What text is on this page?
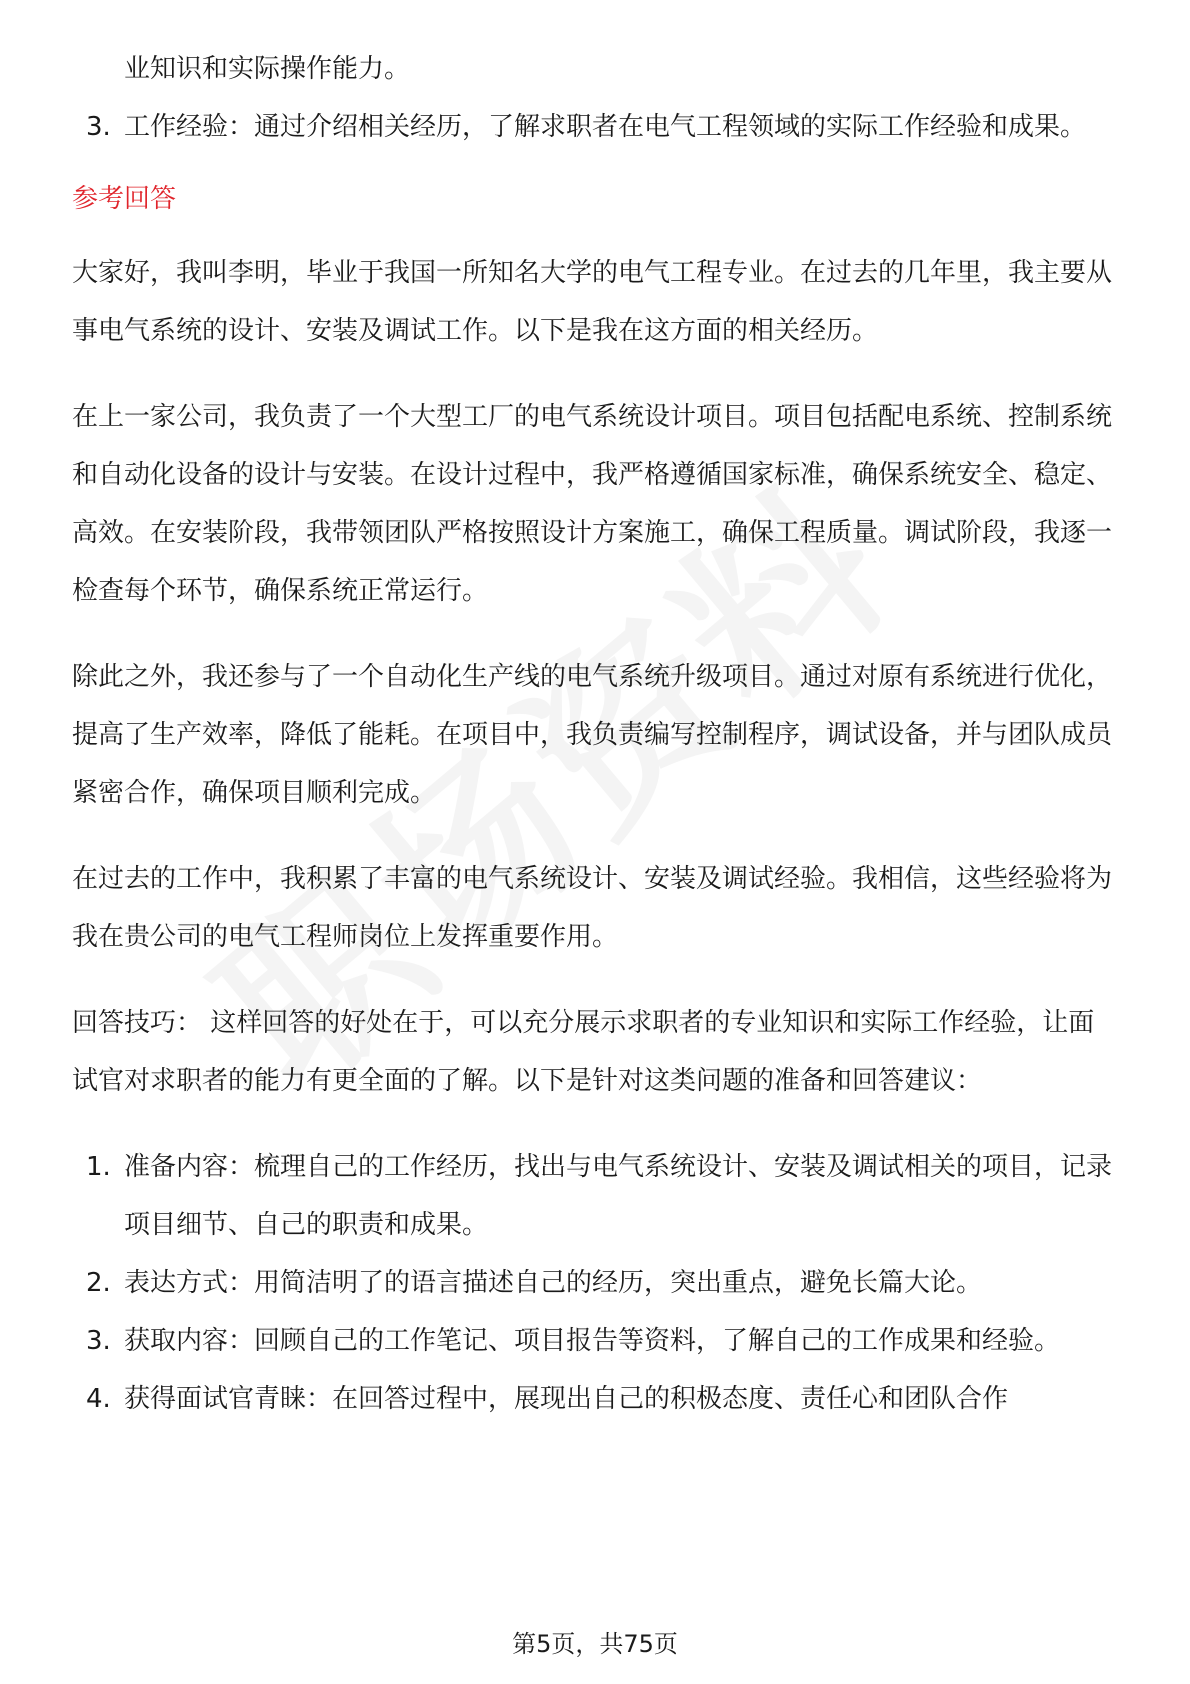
业知识和实际操作能力。
3. 工作经验：通过介绍相关经历，了解求职者在电气工程领域的实际工作经验和成果。
参考回答

大家好，我叫李明，毕业于我国一所知名大学的电气工程专业。在过去的几年里，我主要从事电气系统的设计、安装及调试工作。以下是我在这方面的相关经历。

在上一家公司，我负责了一个大型工厂的电气系统设计项目。项目包括配电系统、控制系统和自动化设备的设计与安装。在设计过程中，我严格遵循国家标准，确保系统安全、稳定、高效。在安装阶段，我带领团队严格按照设计方案施工，确保工程质量。调试阶段，我逐一检查每个环节，确保系统正常运行。

除此之外，我还参与了一个自动化生产线的电气系统升级项目。通过对原有系统进行优化，提高了生产效率，降低了能耗。在项目中，我负责编写控制程序，调试设备，并与团队成员紧密合作，确保项目顺利完成。

在过去的工作中，我积累了丰富的电气系统设计、安装及调试经验。我相信，这些经验将为我在贵公司的电气工程师岗位上发挥重要作用。

回答技巧： 这样回答的好处在于，可以充分展示求职者的专业知识和实际工作经验，让面试官对求职者的能力有更全面的了解。以下是针对这类问题的准备和回答建议：

1. 准备内容：梳理自己的工作经历，找出与电气系统设计、安装及调试相关的项目，记录项目细节、自己的职责和成果。
2. 表达方式：用简洁明了的语言描述自己的经历，突出重点，避免长篇大论。
3. 获取内容：回顾自己的工作笔记、项目报告等资料，了解自己的工作成果和经验。
4. 获得面试官青睐：在回答过程中，展现出自己的积极态度、责任心和团队合作
第5页，共75页
